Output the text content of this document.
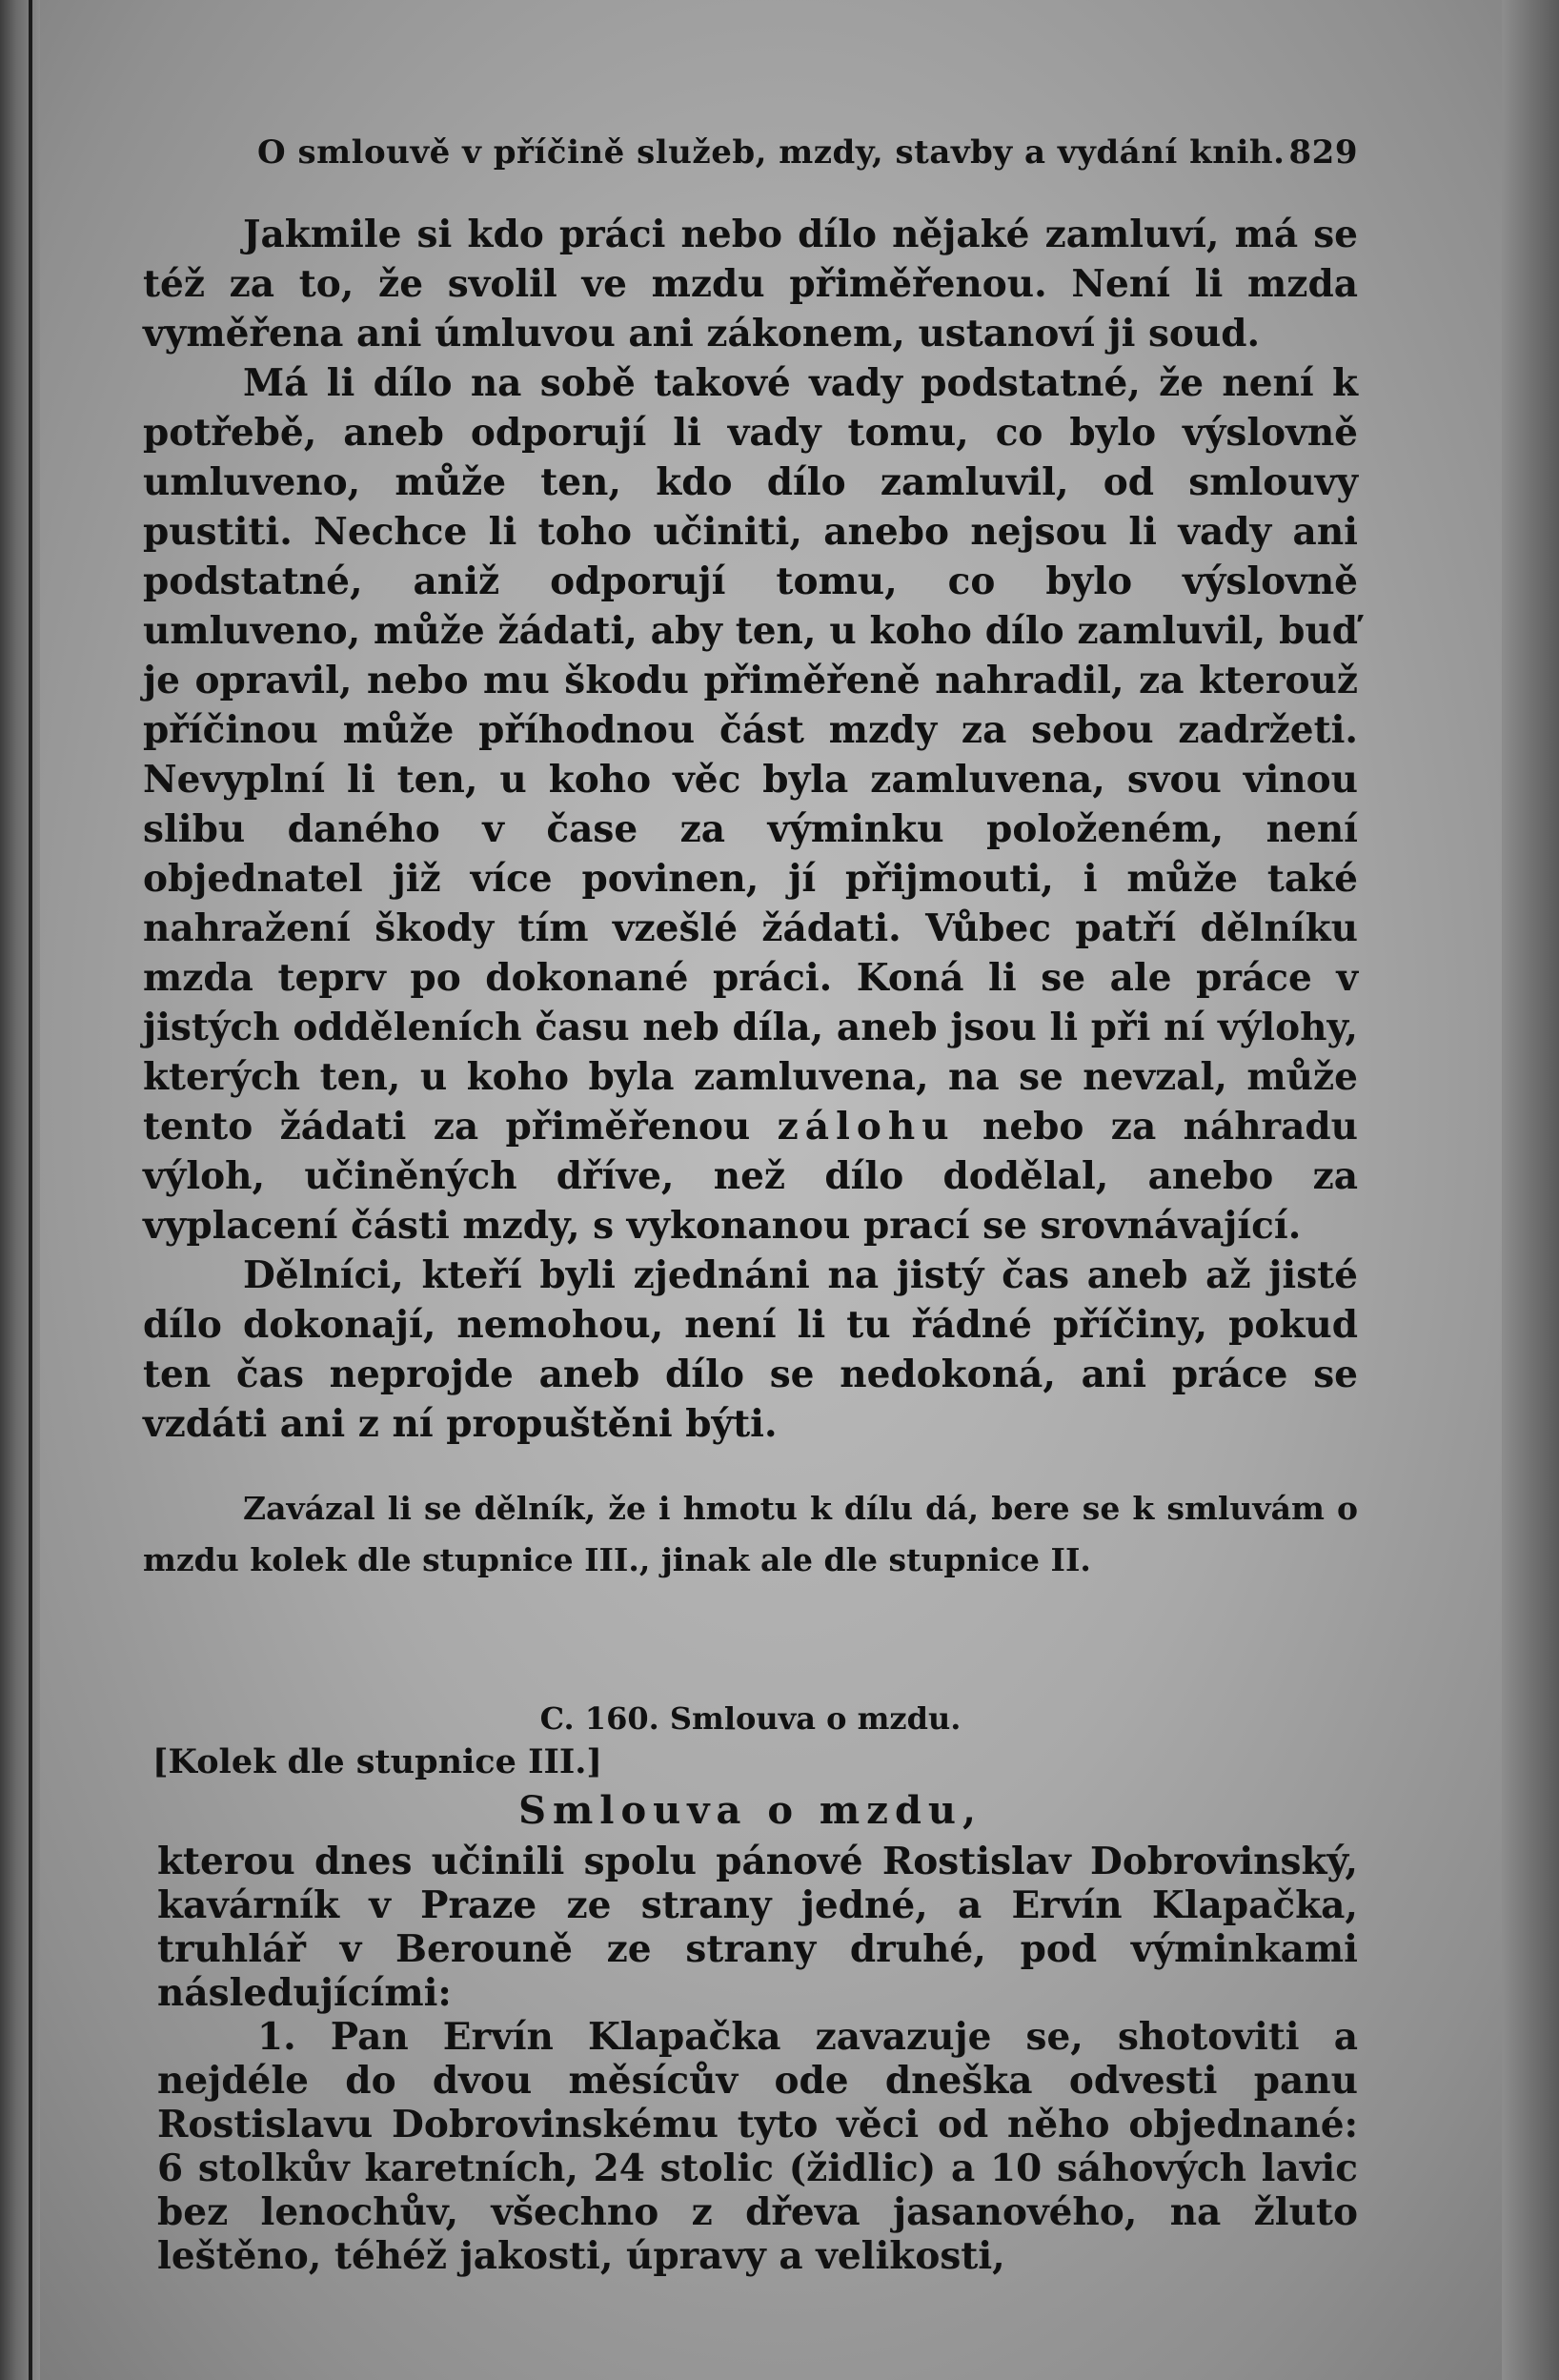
O smlouvě v příčině služeb, mzdy, stavby a vydání knih. 829

Jakmile si kdo práci nebo dílo nějaké zamluví, má se též za to, že svolil ve mzdu přiměřenou. Není li mzda vyměřena ani úmluvou ani zákonem, ustanoví ji soud.

Má li dílo na sobě takové vady podstatné, že není k potřebě, aneb odporují li vady tomu, co bylo výslovně umluveno, může ten, kdo dílo zamluvil, od smlouvy pustiti. Nechce li toho učiniti, anebo nejsou li vady ani podstatné, aniž odporují tomu, co bylo výslovně umluveno, může žádati, aby ten, u koho dílo zamluvil, buď je opravil, nebo mu škodu přiměřeně nahradil, za kterouž příčinou může příhodnou část mzdy za sebou zadržeti. Nevyplní li ten, u koho věc byla zamluvena, svou vinou slibu daného v čase za výminku položeném, není objednatel již více povinen, jí přijmouti, i může také nahražení škody tím vzešlé žádati. Vůbec patří dělníku mzda teprv po dokonané práci. Koná li se ale práce v jistých odděleních času neb díla, aneb jsou li při ní výlohy, kterých ten, u koho byla zamluvena, na se nevzal, může tento žádati za přiměřenou zálohu nebo za náhradu výloh, učiněných dříve, než dílo dodělal, anebo za vyplacení části mzdy, s vykonanou prací se srovnávající.

Dělníci, kteří byli zjednáni na jistý čas aneb až jisté dílo dokonají, nemohou, není li tu řádné příčiny, pokud ten čas neprojde aneb dílo se nedokoná, ani práce se vzdáti ani z ní propuštěni býti.

Zavázal li se dělník, že i hmotu k dílu dá, bere se k smluvám o mzdu kolek dle stupnice III., jinak ale dle stupnice II.

C. 160. Smlouva o mzdu.
[Kolek dle stupnice III.]
Smlouva o mzdu,

kterou dnes učinili spolu pánové Rostislav Dobrovinský, kavárník v Praze ze strany jedné, a Ervín Klapačka, truhlář v Berouně ze strany druhé, pod výminkami následujícími:

1. Pan Ervín Klapačka zavazuje se, shotoviti a nejdéle do dvou měsícův ode dneška odvesti panu Rostislavu Dobrovinskému tyto věci od něho objednané: 6 stolkův karetních, 24 stolic (židlic) a 10 sáhových lavic bez lenochův, všechno z dřeva jasanového, na žluto leštěno, téhéž jakosti, úpravy a velikosti,
